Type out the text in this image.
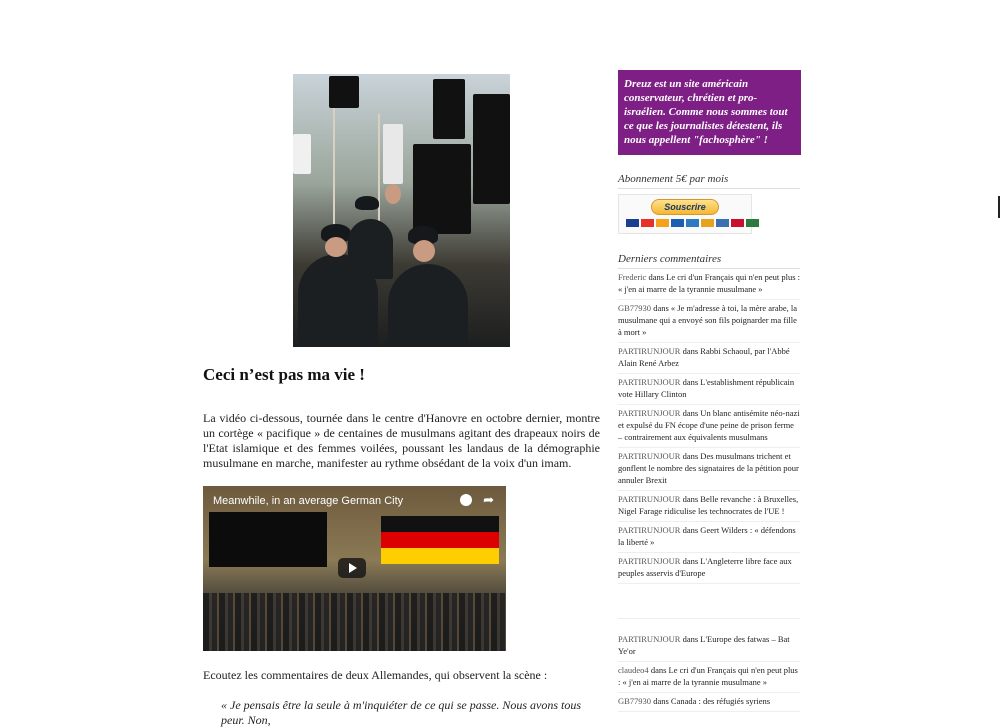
Ceci n’est pas ma vie !

La vidéo ci-dessous, tournée dans le centre d'Hanovre en octobre dernier, montre un cortège « pacifique » de centaines de musulmans agitant des drapeaux noirs de l'Etat islamique et des femmes voilées, poussant les landaus de la démographie musulmane en marche, manifester au rythme obsédant de la voix d'un imam.

Meanwhile, in an average German City	➦
Ecoutez les commentaires de deux Allemandes, qui observent la scène :
« Je pensais être la seule à m'inquiéter de ce qui se passe. Nous avons tous peur. Non,
Dreuz est un site américain conservateur, chrétien et pro-israélien. Comme nous sommes tout ce que les journalistes détestent, ils nous appellent "fachosphère" !
Abonnement 5€ par mois
Souscrire
Derniers commentaires
Frederic dans Le cri d'un Français qui n'en peut plus : « j'en ai marre de la tyrannie musulmane »
GB77930 dans « Je m'adresse à toi, la mère arabe, la musulmane qui a envoyé son fils poignarder ma fille à mort »
PARTIRUNJOUR dans Rabbi Schaoul, par l'Abbé Alain René Arbez
PARTIRUNJOUR dans L'establishment républicain vote Hillary Clinton
PARTIRUNJOUR dans Un blanc antisémite néo-nazi et expulsé du FN écope d'une peine de prison ferme – contrairement aux équivalents musulmans
PARTIRUNJOUR dans Des musulmans trichent et gonflent le nombre des signataires de la pétition pour annuler Brexit
PARTIRUNJOUR dans Belle revanche : à Bruxelles, Nigel Farage ridiculise les technocrates de l'UE !
PARTIRUNJOUR dans Geert Wilders : « défendons la liberté »
PARTIRUNJOUR dans L'Angleterre libre face aux peuples asservis d'Europe
PARTIRUNJOUR dans L'Europe des fatwas – Bat Ye'or
claudeo4 dans Le cri d'un Français qui n'en peut plus : « j'en ai marre de la tyrannie musulmane »
GB77930 dans Canada : des réfugiés syriens
